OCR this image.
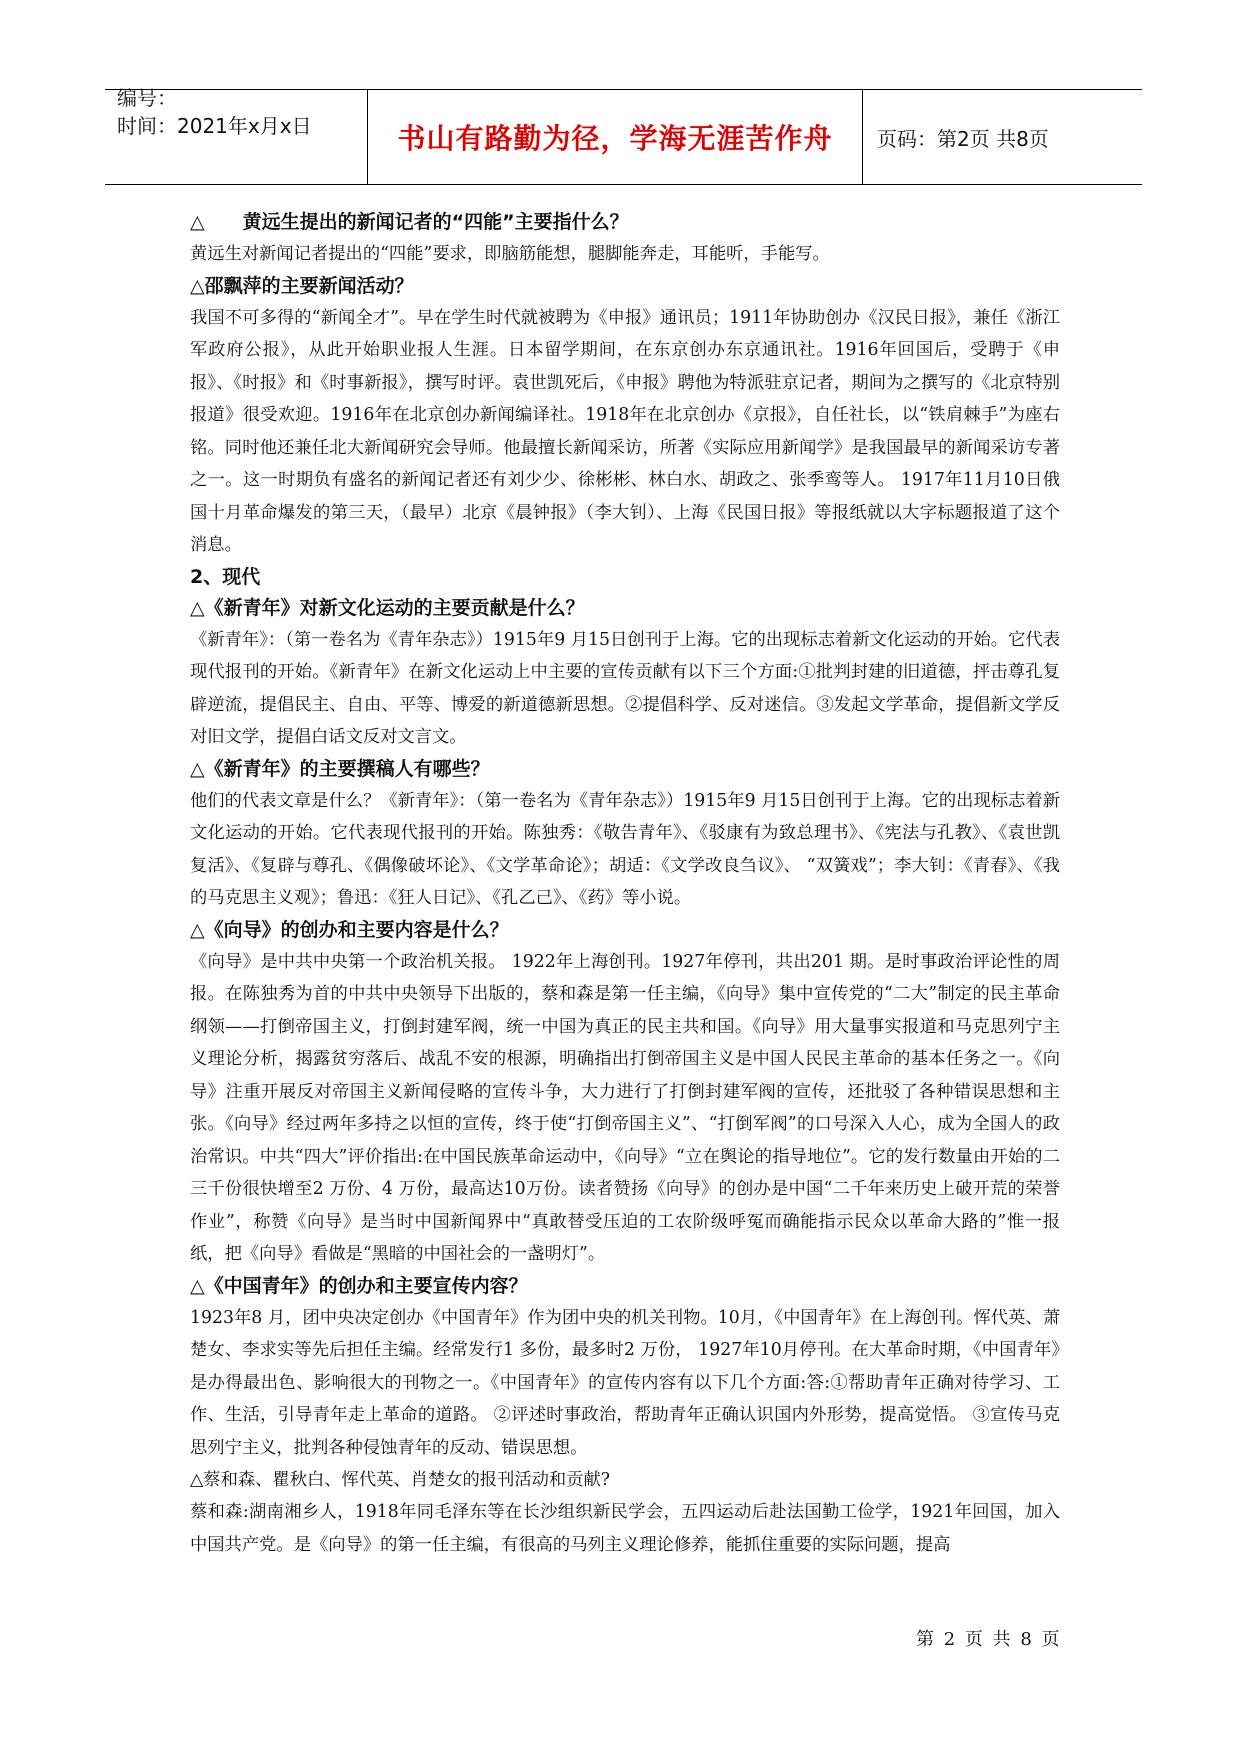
编号：
时间：2021年x月x日	书山有路勤为径，学海无涯苦作舟 页码：第2页 共8页

△　　黄远生提出的新闻记者的“四能”主要指什么？

黄远生对新闻记者提出的“四能”要求，即脑筋能想，腿脚能奔走，耳能听，手能写。

△邵飘萍的主要新闻活动？

我国不可多得的“新闻全才”。早在学生时代就被聘为《申报》通讯员；1911年协助创办《汉民日报》，兼任《浙江军政府公报》，从此开始职业报人生涯。日本留学期间，在东京创办东京通讯社。1916年回国后，受聘于《申报》、《时报》和《时事新报》，撰写时评。袁世凯死后，《申报》聘他为特派驻京记者，期间为之撰写的《北京特别报道》很受欢迎。1916年在北京创办新闻编译社。1918年在北京创办《京报》，自任社长，以“铁肩棘手”为座右铭。同时他还兼任北大新闻研究会导师。他最擅长新闻采访，所著《实际应用新闻学》是我国最早的新闻采访专著之一。这一时期负有盛名的新闻记者还有刘少少、徐彬彬、林白水、胡政之、张季鸾等人。 1917年11月10日俄国十月革命爆发的第三天，（最早）北京《晨钟报》（李大钊）、上海《民国日报》等报纸就以大字标题报道了这个消息。

2、现代

△《新青年》对新文化运动的主要贡献是什么？

《新青年》：（第一卷名为《青年杂志》）1915年9 月15日创刊于上海。它的出现标志着新文化运动的开始。它代表现代报刊的开始。《新青年》在新文化运动上中主要的宣传贡献有以下三个方面:①批判封建的旧道德，抨击尊孔复辟逆流，提倡民主、自由、平等、博爱的新道德新思想。②提倡科学、反对迷信。③发起文学革命，提倡新文学反对旧文学，提倡白话文反对文言文。

△《新青年》的主要撰稿人有哪些？

他们的代表文章是什么？《新青年》：（第一卷名为《青年杂志》）1915年9 月15日创刊于上海。它的出现标志着新文化运动的开始。它代表现代报刊的开始。陈独秀：《敬告青年》、《驳康有为致总理书》、《宪法与孔教》、《袁世凯复活》、《复辟与尊孔、《偶像破坏论》、《文学革命论》；胡适：《文学改良刍议》、 “双簧戏”；李大钊：《青春》、《我的马克思主义观》；鲁迅：《狂人日记》、《孔乙己》、《药》等小说。

△《向导》的创办和主要内容是什么？

《向导》是中共中央第一个政治机关报。 1922年上海创刊。1927年停刊，共出201 期。是时事政治评论性的周报。在陈独秀为首的中共中央领导下出版的，蔡和森是第一任主编，《向导》集中宣传党的“二大”制定的民主革命纲领——打倒帝国主义，打倒封建军阀，统一中国为真正的民主共和国。《向导》用大量事实报道和马克思列宁主义理论分析，揭露贫穷落后、战乱不安的根源，明确指出打倒帝国主义是中国人民民主革命的基本任务之一。《向导》注重开展反对帝国主义新闻侵略的宣传斗争，大力进行了打倒封建军阀的宣传，还批驳了各种错误思想和主张。《向导》经过两年多持之以恒的宣传，终于使“打倒帝国主义”、“打倒军阀”的口号深入人心，成为全国人的政治常识。中共“四大”评价指出:在中国民族革命运动中，《向导》“立在舆论的指导地位”。它的发行数量由开始的二三千份很快增至2 万份、4 万份，最高达10万份。读者赞扬《向导》的创办是中国“二千年来历史上破开荒的荣誉作业”，称赞《向导》是当时中国新闻界中“真敢替受压迫的工农阶级呼冤而确能指示民众以革命大路的”惟一报纸，把《向导》看做是“黑暗的中国社会的一盏明灯”。

△《中国青年》的创办和主要宣传内容？

1923年8 月，团中央决定创办《中国青年》作为团中央的机关刊物。10月，《中国青年》在上海创刊。恽代英、萧楚女、李求实等先后担任主编。经常发行1 多份，最多时2 万份， 1927年10月停刊。在大革命时期，《中国青年》是办得最出色、影响很大的刊物之一。《中国青年》的宣传内容有以下几个方面:答:①帮助青年正确对待学习、工作、生活，引导青年走上革命的道路。 ②评述时事政治，帮助青年正确认识国内外形势，提高觉悟。 ③宣传马克思列宁主义，批判各种侵蚀青年的反动、错误思想。

△蔡和森、瞿秋白、恽代英、肖楚女的报刊活动和贡献?

蔡和森:湖南湘乡人，1918年同毛泽东等在长沙组织新民学会，五四运动后赴法国勤工俭学，1921年回国，加入中国共产党。是《向导》的第一任主编，有很高的马列主义理论修养，能抓住重要的实际问题，提高

第 2 页 共 8 页
